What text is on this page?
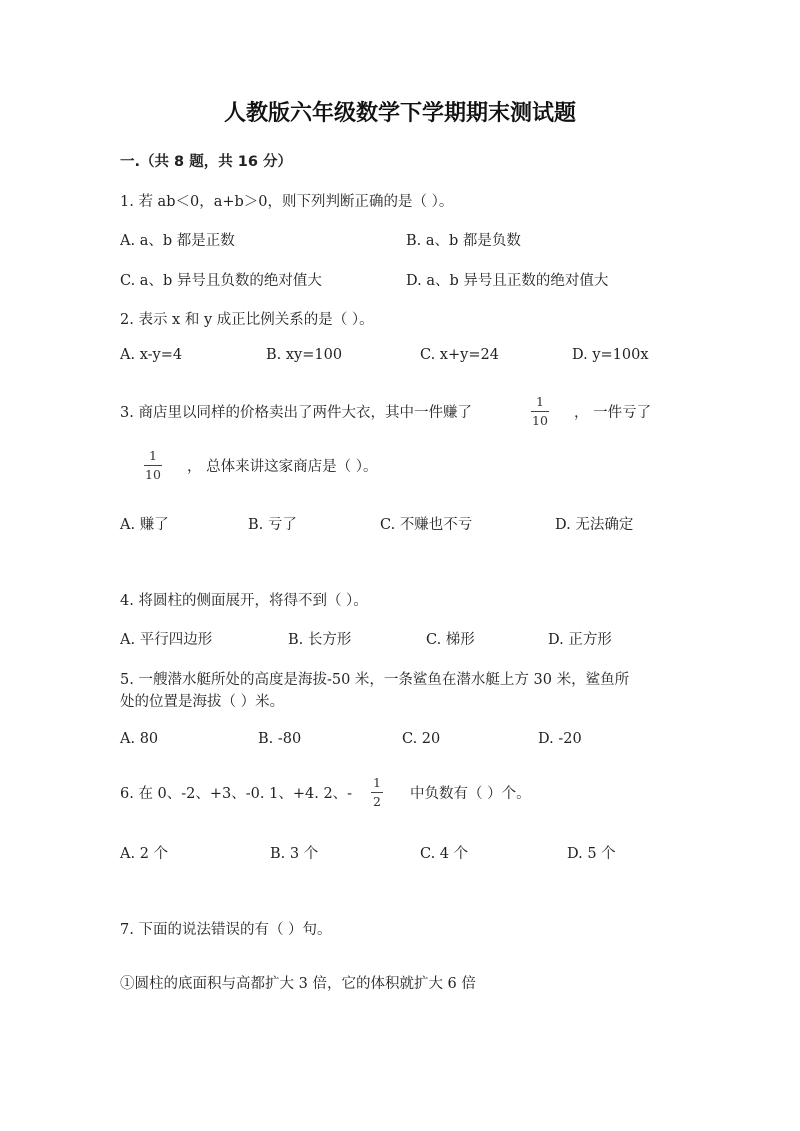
人教版六年级数学下学期期末测试题
一.（共 8 题，共 16 分）
1. 若 ab＜0，a+b＞0，则下列判断正确的是（ ）。
A. a、b 都是正数	B. a、b 都是负数
C. a、b 异号且负数的绝对值大	D. a、b 异号且正数的绝对值大
2. 表示 x 和 y 成正比例关系的是（ ）。
A. x-y=4	B. xy=100	C. x+y=24	D. y=100x
3. 商店里以同样的价格卖出了两件大衣，其中一件赚了
1
10 ， 一件亏了
1
10 ， 总体来讲这家商店是（ ）。
A. 赚了	B. 亏了	C. 不赚也不亏	D. 无法确定
4. 将圆柱的侧面展开，将得不到（ ）。
A. 平行四边形	B. 长方形	C. 梯形	D. 正方形
5. 一艘潜水艇所处的高度是海拔-50 米，一条鲨鱼在潜水艇上方 30 米，鲨鱼所
处的位置是海拔（ ）米。
A. 80	B. -80	C. 20	D. -20
6. 在 0、-2、+3、-0. 1、+4. 2、-
1
2 中负数有（ ）个。
A. 2 个	B. 3 个	C. 4 个	D. 5 个
7. 下面的说法错误的有（ ）句。
①圆柱的底面积与高都扩大 3 倍，它的体积就扩大 6 倍
